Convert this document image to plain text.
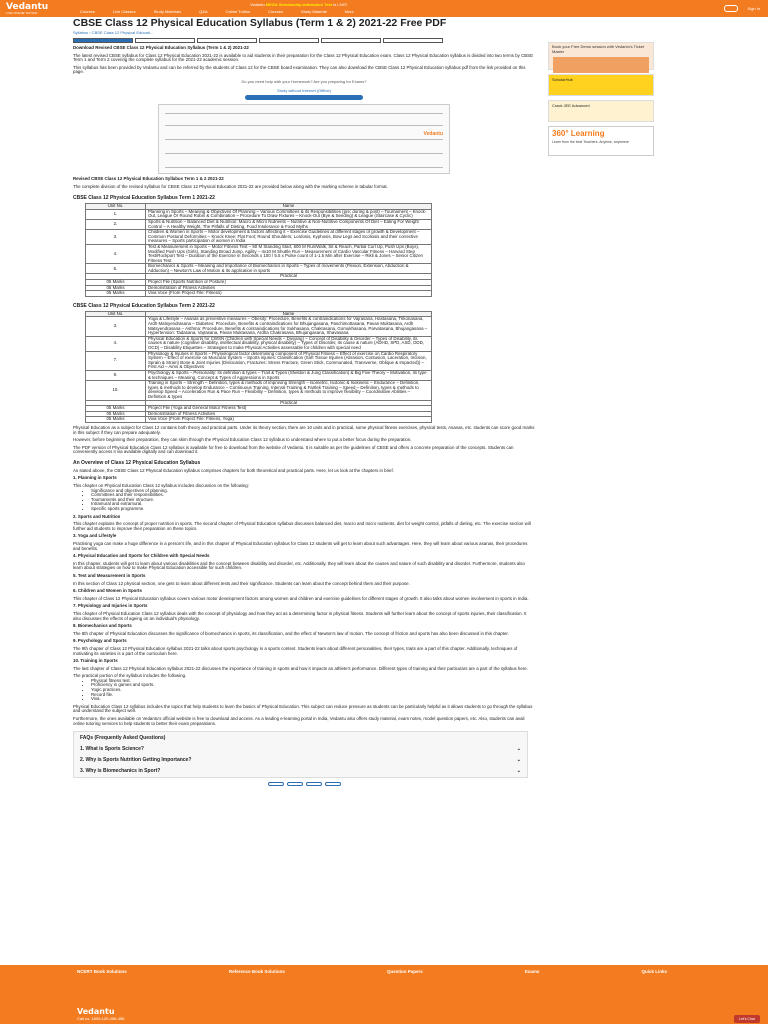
Vedantu
LIVE ONLINE TUITION
Vedantu MEGA Scholarship Admission Test is LIVE!
Courses	Live Classes	Study Materials	Q&A	Online Tuition	Courses	Study Material	More
Sign In
CBSE Class 12 Physical Education Syllabus (Term 1 & 2) 2021-22 Free PDF
Syllabus › CBSE Class 12 Physical Educati...

Download Revised CBSE Class 12 Physical Education Syllabus (Term 1 & 2) 2021-22

The latest revised CBSE syllabus for Class 12 Physical Education 2021-22 is available to aid students in their preparation for the Class 12 Physical Education exam. Class 12 Physical Education syllabus is divided into two terms by CBSE Term 1 and Term 2 covering the complete syllabus for the 2021-22 academic session.

This syllabus has been provided by Vedantu and can be referred by the students of Class 12 for the CBSE board examination. They can also download the CBSE Class 12 Physical Education syllabus pdf from the link provided on this page.

Do you need help with your Homework? Are you preparing for Exams?

Study without Internet (Offline)

Vedantu

Revised CBSE Class 12 Physical Education Syllabus Term 1 & 2 2021-22

The complete division of the revised syllabus for CBSE Class 12 Physical Education 2021-22 are provided below along with the marking scheme in tabular format.

CBSE Class 12 Physical Education Syllabus Term 1 2021-22
Unit No.	Name
1.	Planning in Sports – Meaning & Objectives Of Planning – Various Committees & its Responsibilities (pre; during & post) – Tournament – Knock-Out, League Or Round Robin & Combination – Procedure To Draw Fixtures – Knock-Out (Bye & Seeding) & League (Staircase & Cyclic)
2.	Sports & Nutrition – Balanced Diet & Nutrition: Macro & Micro Nutrients – Nutritive & Non-Nutritive Components Of Diet – Eating For Weight Control – A Healthy Weight, The Pitfalls of Dieting, Food Intolerance & Food Myths
3.	Children & Women in Sports – Motor development & factors affecting it – Exercise Guidelines at different stages of growth & Development – Common Postural Deformities – Knock Knee; Flat Foot; Round Shoulders; Lordosis, Kyphosis, Bow Legs and Scoliosis and their corrective measures – Sports participation of women in India
4.	Test & Measurement in Sports – Motor Fitness Test – 50 M Standing Start, 600 M Run/Walk, Sit & Reach, Partial Curl Up, Push Ups (Boys), Modified Push Ups (Girls), Standing Broad Jump, Agility – 4x10 M Shuttle Run – Measurement of Cardio Vascular Fitness – Harvard Step Test/Rockport Test – Duration of the Exercise in Seconds x 100 / 5.5 x Pulse count of 1-1.5 Min after Exercise – Rikli & Jones – Senior Citizen Fitness Test
5.	Biomechanics & Sports – Meaning and Importance of Biomechanics in Sports – Types of movements (Flexion, Extension, Abduction & Adduction) – Newton's Law of Motion & its application in sports
	Practical
05 Marks	Project File (Sports Nutrition or Posture)
05 Marks	Demonstration of Fitness Activities
05 Marks	Viva Voce (From Project File: Fitness)
CBSE Class 12 Physical Education Syllabus Term 2 2021-22
Unit No.	Name
3.	Yoga & Lifestyle – Asanas as preventive measures – Obesity: Procedure, Benefits & contraindications for Vajrasana, Hastasana, Trikonasana, Ardh Matsyendrasana – Diabetes: Procedure, Benefits & contraindications for Bhujangasana, Paschimottasana, Pavan Muktasana, Ardh Matsyendrasana – Asthma: Procedure, Benefits & contraindications for Sukhasana, Chakrasana, Gomukhasana, Parvatasana, Bhujangasana – Hypertension: Tadasana, Vajrasana, Pavan Muktasana, Ardha Chakrasana, Bhujangasana, Shavasana
4.	Physical Education & Sports for CWSN (Children with Special Needs – Divyang) – Concept of Disability & Disorder – Types of Disability, its causes & nature (cognitive disability, intellectual disability, physical disability) – Types of Disorder, its cause & nature (ADHD, SPD, ASD, ODD, OCD) – Disability Etiquettes – Strategies to make Physical Activities assessable for children with special need
7.	Physiology & Injuries in Sports – Physiological factor determining component of Physical Fitness – Effect of exercise on Cardio Respiratory System – Effect of exercise on Muscular System – Sports injuries: Classification (Soft Tissue Injuries (Abrasion, Contusion, Laceration, Incision, Sprain & Strain) Bone & Joint Injuries (Dislocation, Fractures: Stress Fracture, Green Stick, Communated, Transverse, Oblique & Impacted)) – First Aid – Aims & Objectives
9.	Psychology & Sports – Personality: its definition & types – Trait & Types (Sheldon & Jung Classification) & Big Five Theory – Motivation, its type & techniques – Meaning, Concept & Types of Aggressions in Sports
10.	Training in Sports – Strength – Definition, types & methods of improving Strength – Isometric, Isotonic & Isokinetic – Endurance – Definition, types & methods to develop Endurance – Continuous Training, Interval Training & Fartlek Training – Speed – Definition, types & methods to develop Speed – Acceleration Run & Pace Run – Flexibility – Definition, types & methods to improve flexibility – Coordinative Abilities – Definition & types
	Practical
05 Marks	Project File (Yoga and General Motor Fitness Test)
05 Marks	Demonstration of Fitness Activities
05 Marks	Viva Voce (From Project File: Fitness, Yoga)

Physical Education as a subject for Class 12 contains both theory and practical parts. Under its theory section, there are 10 units and in practical, some physical fitness exercises, physical tests, Asanas, etc. students can score good marks in this subject if they can prepare adequately.

However, before beginning their preparation, they can skim through the Physical Education Class 12 syllabus to understand where to put a better focus during the preparation.

The PDF version of Physical Education Class 12 syllabus is available for free to download from the website of Vedantu. It is suitable as per the guidelines of CBSE and offers a concrete preparation of the concepts. Students can conveniently access it via available digitally and can download it.

An Overview of Class 12 Physical Education Syllabus

As stated above, the CBSE Class 12 Physical Education syllabus comprises chapters for both theoretical and practical parts. Here, let us look at the chapters in brief.

1. Planning in Sports

This chapter on Physical Education Class 12 syllabus includes discussion on the following:

• Significance and objectives of planning.
• Committees and their responsibilities.
• Tournaments and their structure.
• Intramural and extramural.
• Specific sports programme.

2. Sports and Nutrition

This chapter explains the concept of proper nutrition in sports. The second chapter of Physical Education syllabus discusses balanced diet, macro and micro nutrients, diet for weight control, pitfalls of dieting, etc. The exercise section will further aid students to improve their preparation on these topics.

3. Yoga and Lifestyle

Practising yoga can make a huge difference in a person's life, and in this chapter of Physical Education syllabus for Class 12 students will get to learn about such advantages. Here, they will learn about various asanas, their procedures and benefits.

4. Physical Education and Sports for Children with Special Needs

In this chapter, students will get to learn about various disabilities and the concept between disability and disorder, etc. Additionally, they will learn about the causes and nature of such disability and disorder. Furthermore, students also learn about strategies on how to make Physical Education accessible for such children.

5. Test and Measurement in Sports

In this section of Class 12 physical section, one gets to learn about different tests and their significance. Students can learn about the concept behind them and their purpose.

6. Children and Women in Sports

This chapter of Class 12 Physical Education syllabus covers various motor development factors among women and children and exercise guidelines for different stages of growth. It also talks about women involvement in sports in India.

7. Physiology and Injuries in Sports

This chapter of Physical Education Class 12 syllabus deals with the concept of physiology and how they act as a determining factor in physical fitness. Students will further learn about the concept of sports injuries, their classification. It also discusses the effects of ageing on an individual's physiology.

8. Biomechanics and Sports

The 8th chapter of Physical Education discusses the significance of biomechanics in sports, its classification, and the effect of Newton's law of motion. The concept of friction and sports has also been discussed in this chapter.

9. Psychology and Sports

The 9th chapter of Class 12 Physical Education syllabus 2021-22 talks about sports psychology in a sports context. Students learn about different personalities, their types, traits are a part of this chapter. Additionally, techniques of motivating its varieties is a part of the curriculum here.

10. Training in Sports

The last chapter of Class 12 Physical Education syllabus 2021-22 discusses the importance of training in sports and how it impacts an athlete's performance. Different types of training and their particulars are a part of the syllabus here.

The practical portion of the syllabus includes the following.

• Physical fitness test.
• Proficiency in games and sports.
• Yogic practices.
• Record file.
• Viva.

Physical Education Class 12 syllabus includes the topics that help students to learn the basics of Physical Education. This subject can reduce pressure as students can be particularly helpful as it allows students to go through the syllabus and understand the subject well.

Furthermore, the ones available on Vedantu's official website is free to download and access. As a leading e-learning portal in India, Vedantu also offers study material, exam notes, model question papers, etc. Also, students can avail online tutoring services to help students to better their exam preparations.

FAQs (Frequently Asked Questions)
1. What is Sports Science?	⌄
2. Why is Sports Nutrition Getting Importance?	⌄
3. Why is Biomechanics in Sport?	⌄
Book your Free Demo session with Vedantu's Ticket Master
ScholarHub
Crack JEE Advanced
360° Learning
Learn from the best Teachers. Anytime, anywhere
NCERT Book Solutions	Reference Book Solutions	Question Papers	Exams	Quick Links
Vedantu
Call us: 1800-120-456-456	Let's Chat
